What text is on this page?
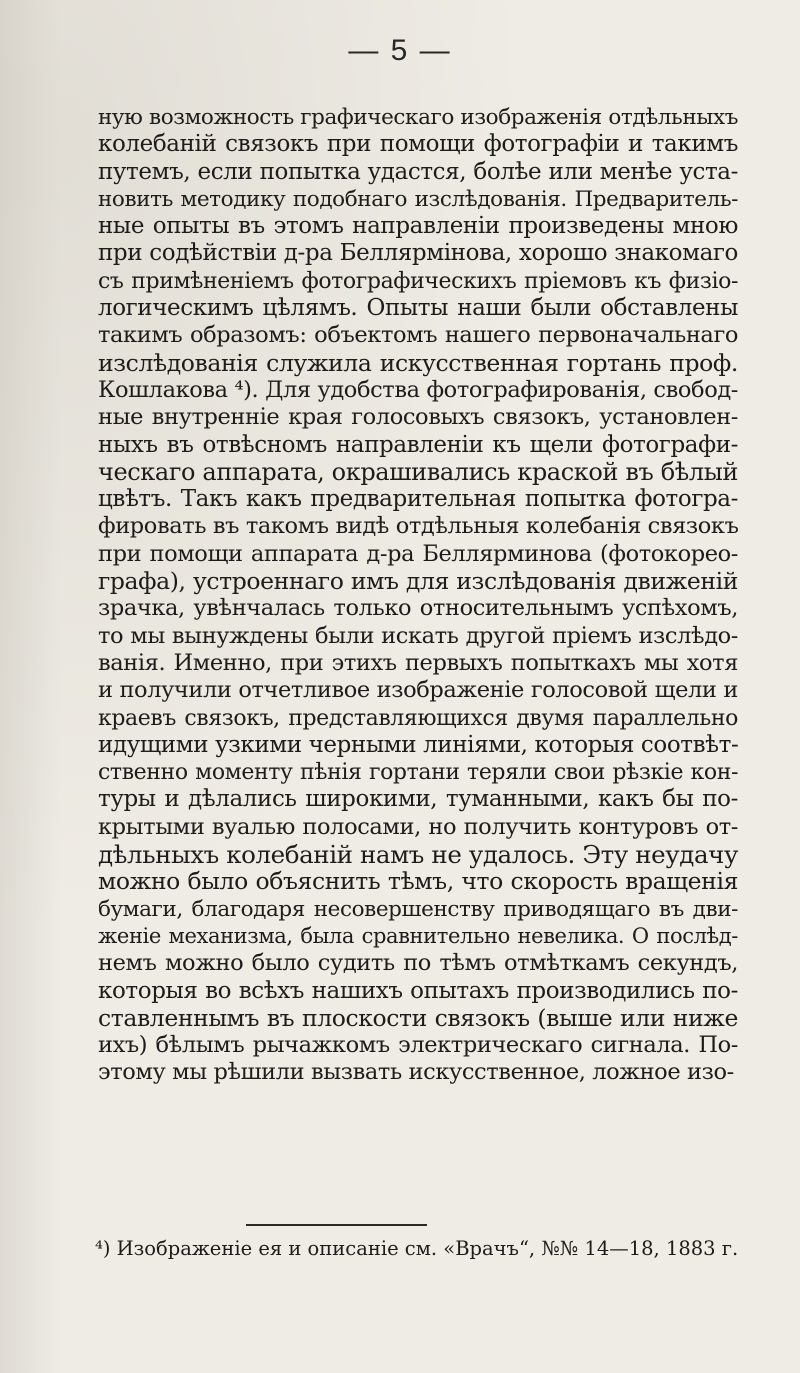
— 5 —
ную возможность графическаго изображенія отдѣльныхъ
колебаній связокъ при помощи фотографіи и такимъ
путемъ, если попытка удастся, болѣе или менѣе уста-
новить методику подобнаго изслѣдованія. Предваритель-
ные опыты въ этомъ направленіи произведены мною
при содѣйствіи д-ра Беллярмінова, хорошо знакомаго
съ примѣненіемъ фотографическихъ пріемовъ къ физіо-
логическимъ цѣлямъ. Опыты наши были обставлены
такимъ образомъ: объектомъ нашего первоначальнаго
изслѣдованія служила искусственная гортань проф.
Кошлакова ⁴). Для удобства фотографированія, свобод-
ные внутренніе края голосовыхъ связокъ, установлен-
ныхъ въ отвѣсномъ направленіи къ щели фотографи-
ческаго аппарата, окрашивались краской въ бѣлый
цвѣтъ. Такъ какъ предварительная попытка фотогра-
фировать въ такомъ видѣ отдѣльныя колебанія связокъ
при помощи аппарата д-ра Беллярминова (фотокорео-
графа), устроеннаго имъ для изслѣдованія движеній
зрачка, увѣнчалась только относительнымъ успѣхомъ,
то мы вынуждены были искать другой пріемъ изслѣдо-
ванія. Именно, при этихъ первыхъ попыткахъ мы хотя
и получили отчетливое изображеніе голосовой щели и
краевъ связокъ, представляющихся двумя параллельно
идущими узкими черными линіями, которыя соотвѣт-
ственно моменту пѣнія гортани теряли свои рѣзкіе кон-
туры и дѣлались широкими, туманными, какъ бы по-
крытыми вуалью полосами, но получить контуровъ от-
дѣльныхъ колебаній намъ не удалось. Эту неудачу
можно было объяснить тѣмъ, что скорость вращенія
бумаги, благодаря несовершенству приводящаго въ дви-
женіе механизма, была сравнительно невелика. О послѣд-
немъ можно было судить по тѣмъ отмѣткамъ секундъ,
которыя во всѣхъ нашихъ опытахъ производились по-
ставленнымъ въ плоскости связокъ (выше или ниже
ихъ) бѣлымъ рычажкомъ электрическаго сигнала. По-
этому мы рѣшили вызвать искусственное, ложное изо-
⁴) Изображеніе ея и описаніе см. «Врачъ“, №№ 14—18, 1883 г.
